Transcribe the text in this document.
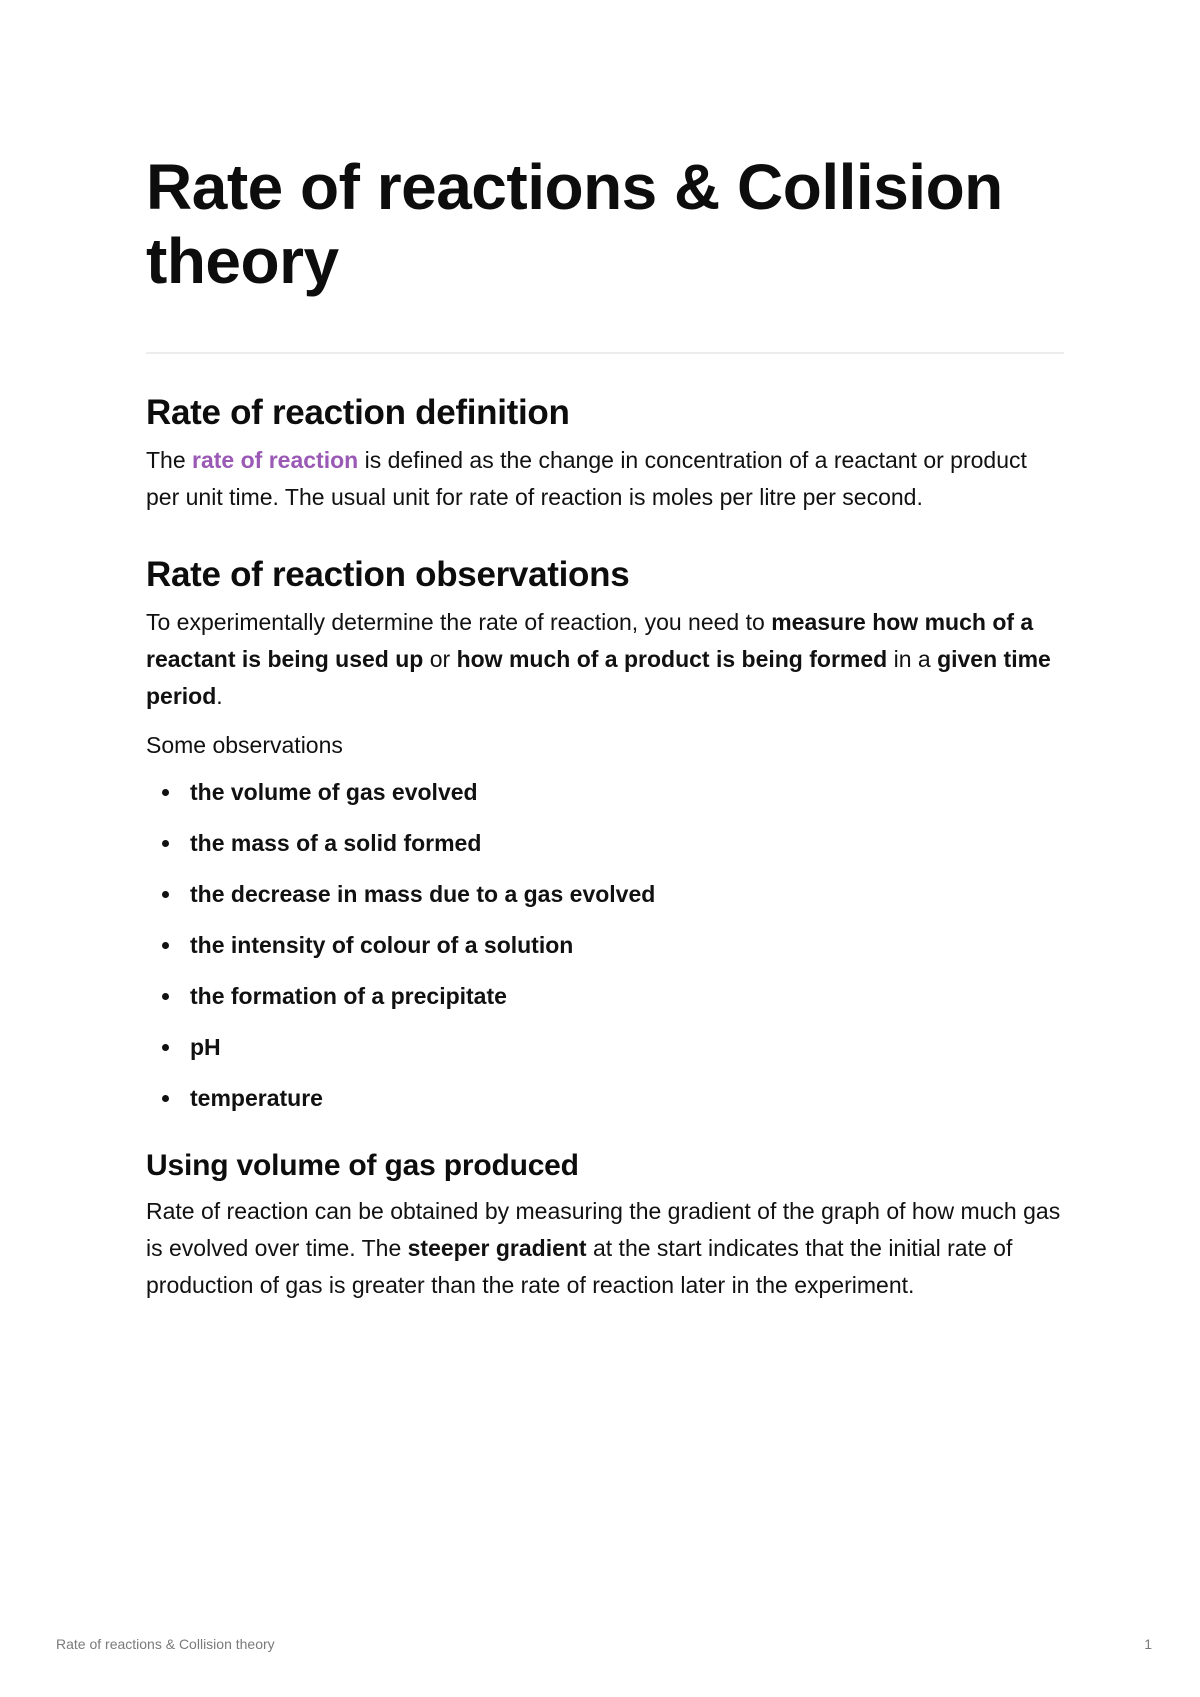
Rate of reactions & Collision theory
Rate of reaction definition

The rate of reaction is defined as the change in concentration of a reactant or product per unit time. The usual unit for rate of reaction is moles per litre per second.

Rate of reaction observations

To experimentally determine the rate of reaction, you need to measure how much of a reactant is being used up or how much of a product is being formed in a given time period.

Some observations

the volume of gas evolved
the mass of a solid formed
the decrease in mass due to a gas evolved
the intensity of colour of a solution
the formation of a precipitate
pH
temperature
Using volume of gas produced

Rate of reaction can be obtained by measuring the gradient of the graph of how much gas is evolved over time. The steeper gradient at the start indicates that the initial rate of production of gas is greater than the rate of reaction later in the experiment.

Rate of reactions & Collision theory	1
